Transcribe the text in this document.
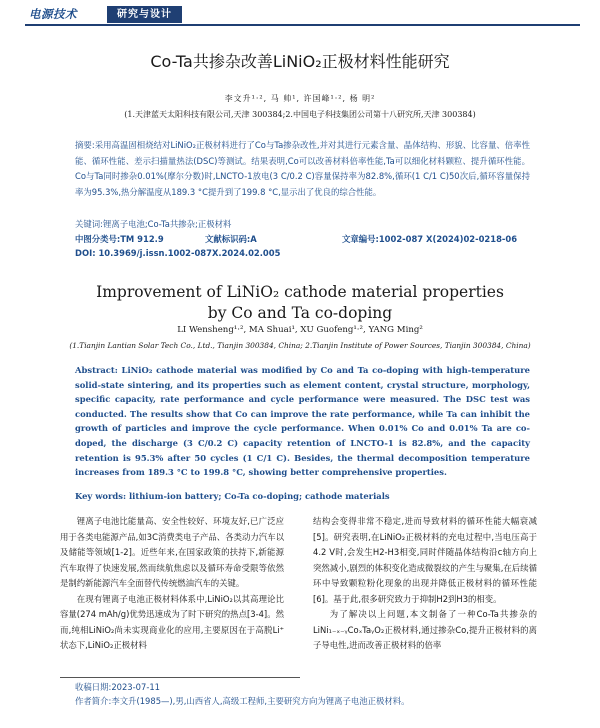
电源技术	研究与设计
Co-Ta共掺杂改善LiNiO₂正极材料性能研究
李文升¹·², 马 帅¹, 许国峰¹·², 杨 明²
(1.天津蓝天太阳科技有限公司,天津 300384;2.中国电子科技集团公司第十八研究所,天津 300384)
摘要:采用高温固相烧结对LiNiO₂正极材料进行了Co与Ta掺杂改性,并对其进行元素含量、晶体结构、形貌、比容量、倍率性能、循环性能、差示扫描量热法(DSC)等测试。结果表明,Co可以改善材料倍率性能,Ta可以细化材料颗粒、提升循环性能。Co与Ta同时掺杂0.01%(摩尔分数)时,LNCTO-1放电(3 C/0.2 C)容量保持率为82.8%,循环(1 C/1 C)50次后,循环容量保持率为95.3%,热分解温度从189.3 °C提升到了199.8 °C,显示出了优良的综合性能。
关键词:锂离子电池;Co-Ta共掺杂;正极材料
中图分类号:TM 912.9	文献标识码:A	文章编号:1002-087 X(2024)02-0218-06
DOI: 10.3969/j.issn.1002-087X.2024.02.005
Improvement of LiNiO₂ cathode material properties
by Co and Ta co-doping
LI Wensheng¹·², MA Shuai¹, XU Guofeng¹·², YANG Ming²
(1.Tianjin Lantian Solar Tech Co., Ltd., Tianjin 300384, China; 2.Tianjin Institute of Power Sources, Tianjin 300384, China)
Abstract: LiNiO₂ cathode material was modified by Co and Ta co-doping with high-temperature solid-state sintering, and its properties such as element content, crystal structure, morphology, specific capacity, rate performance and cycle performance were measured. The DSC test was conducted. The results show that Co can improve the rate performance, while Ta can inhibit the growth of particles and improve the cycle performance. When 0.01% Co and 0.01% Ta are co-doped, the discharge (3 C/0.2 C) capacity retention of LNCTO-1 is 82.8%, and the capacity retention is 95.3% after 50 cycles (1 C/1 C). Besides, the thermal decomposition temperature increases from 189.3 °C to 199.8 °C, showing better comprehensive properties.
Key words: lithium-ion battery; Co-Ta co-doping; cathode materials

锂离子电池比能量高、安全性较好、环境友好,已广泛应用于各类电能源产品,如3C消费类电子产品、各类动力汽车以及储能等领域[1-2]。近些年来,在国家政策的扶持下,新能源汽车取得了快速发展,然而续航焦虑以及循环寿命受限等依然是制约新能源汽车全面替代传统燃油汽车的关键。

在现有锂离子电池正极材料体系中,LiNiO₂以其高理论比容量(274 mAh/g)优势迅速成为了时下研究的热点[3-4]。然而,纯相LiNiO₂尚未实现商业化的应用,主要原因在于高脱Li⁺状态下,LiNiO₂正极材料

结构会变得非常不稳定,进而导致材料的循环性能大幅衰减[5]。研究表明,在LiNiO₂正极材料的充电过程中,当电压高于4.2 V时,会发生H2-H3相变,同时伴随晶体结构沿c轴方向上突然减小,剧烈的体积变化造成微裂纹的产生与聚集,在后续循环中导致颗粒粉化现象的出现并降低正极材料的循环性能[6]。基于此,很多研究致力于抑制H2到H3的相变。

为了解决以上问题,本文制备了一种Co-Ta共掺杂的LiNi₁₋ₓ₋ᵧCoₓTaᵧO₂正极材料,通过掺杂Co,提升正极材料的离子导电性,进而改善正极材料的倍率

收稿日期:2023-07-11
作者简介:李文升(1985—),男,山西省人,高级工程师,主要研究方向为锂离子电池正极材料。
